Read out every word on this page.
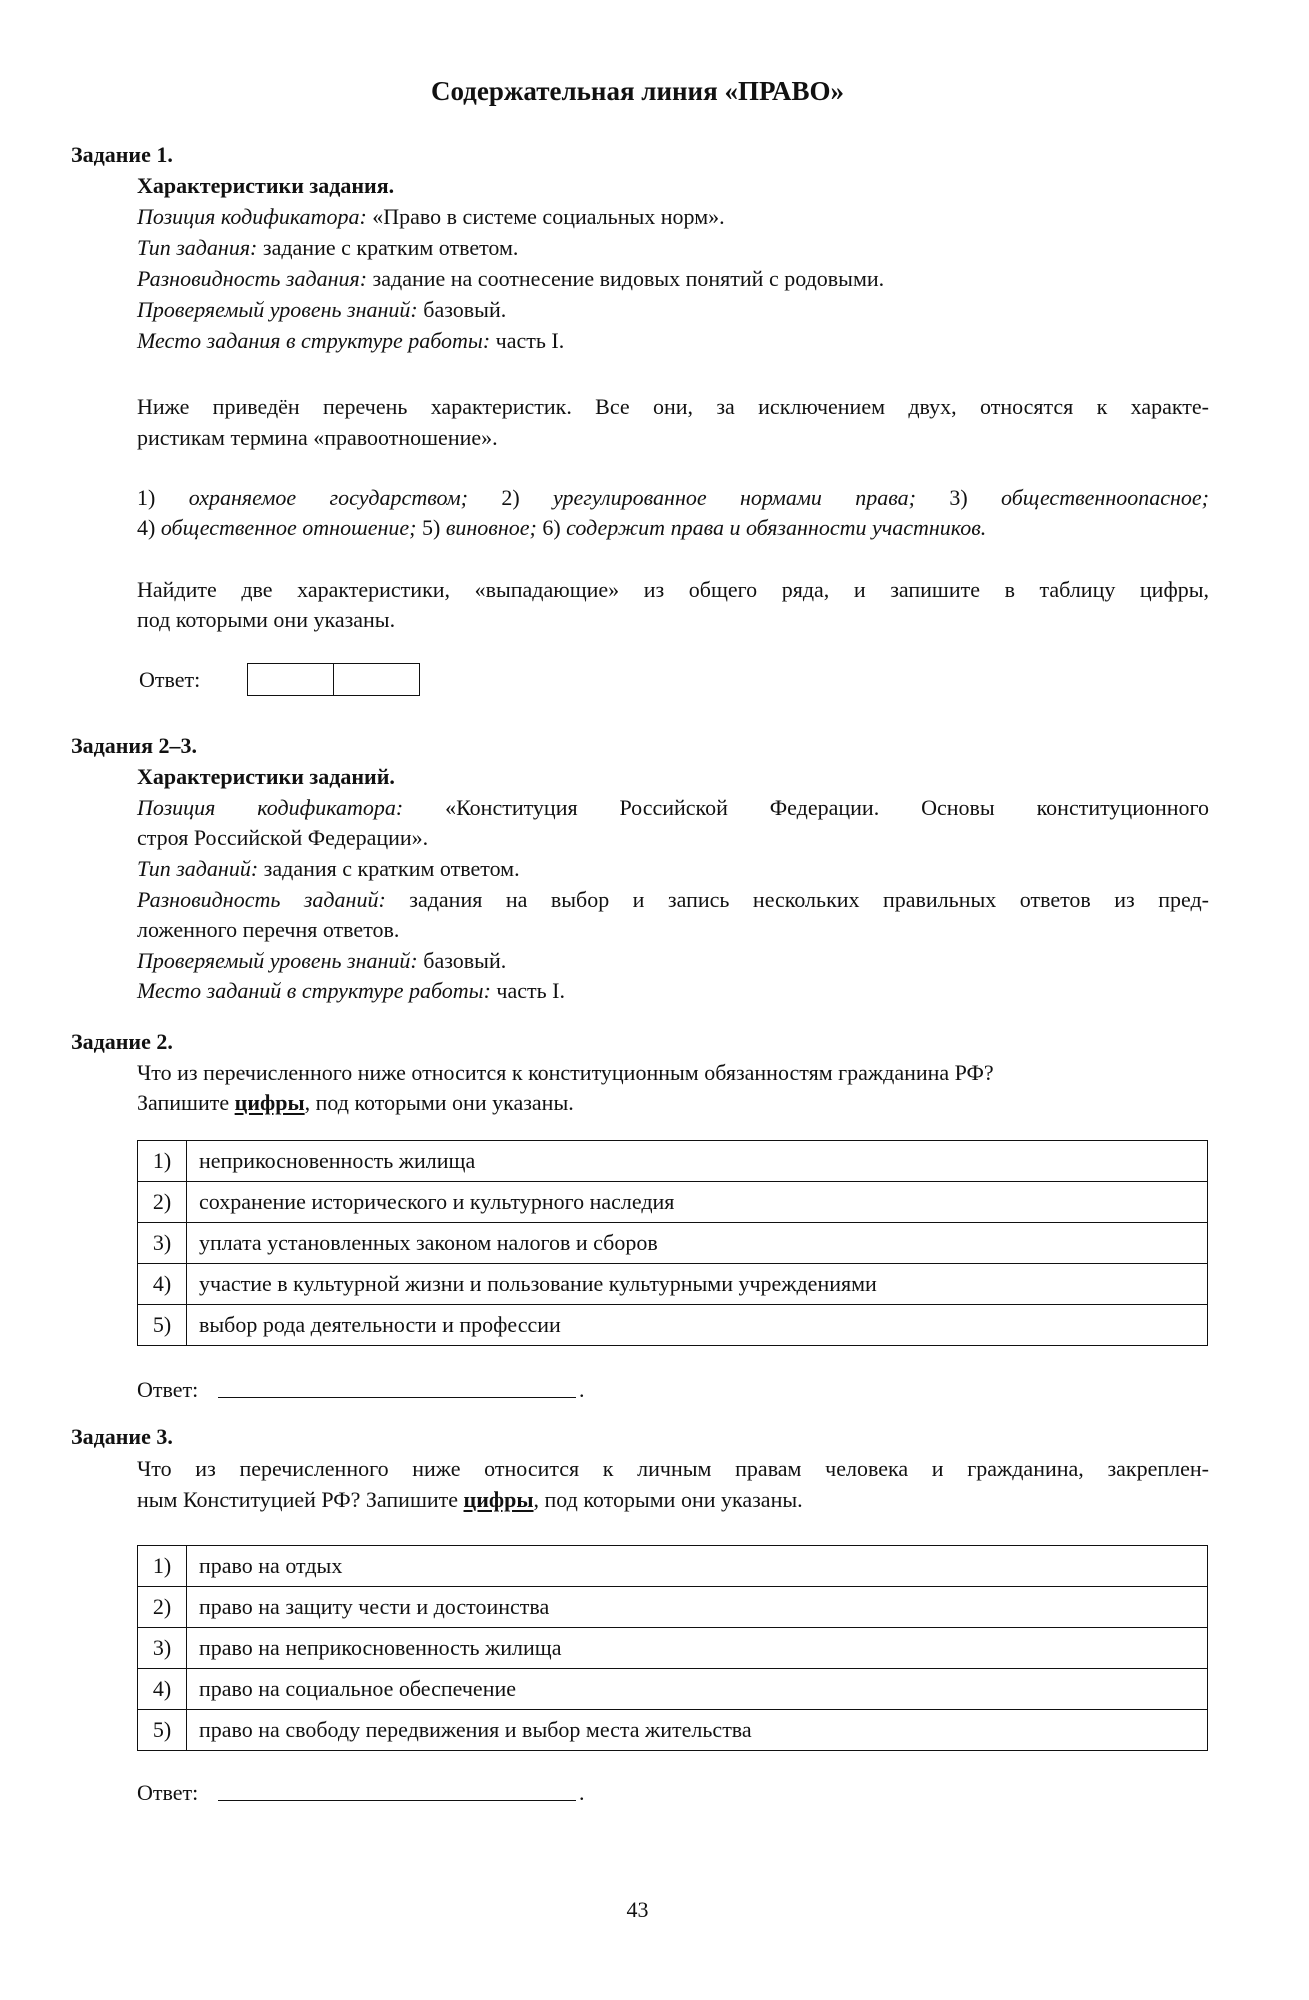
Содержательная линия «ПРАВО»
Задание 1.
Характеристики задания.
Позиция кодификатора: «Право в системе социальных норм».
Тип задания: задание с кратким ответом.
Разновидность задания: задание на соотнесение видовых понятий с родовыми.
Проверяемый уровень знаний: базовый.
Место задания в структуре работы: часть I.
Ниже приведён перечень характеристик. Все они, за исключением двух, относятся к характе-
ристикам термина «правоотношение».
1) охраняемое государством; 2) урегулированное нормами права; 3) общественноопасное;
4) общественное отношение; 5) виновное; 6) содержит права и обязанности участников.
Найдите две характеристики, «выпадающие» из общего ряда, и запишите в таблицу цифры,
под которыми они указаны.
Ответ:
Задания 2–3.
Характеристики заданий.
Позиция кодификатора: «Конституция Российской Федерации. Основы конституционного
строя Российской Федерации».
Тип заданий: задания с кратким ответом.
Разновидность заданий: задания на выбор и запись нескольких правильных ответов из пред-
ложенного перечня ответов.
Проверяемый уровень знаний: базовый.
Место заданий в структуре работы: часть I.
Задание 2.
Что из перечисленного ниже относится к конституционным обязанностям гражданина РФ?
Запишите цифры, под которыми они указаны.
1)	неприкосновенность жилища
2)	сохранение исторического и культурного наследия
3)	уплата установленных законом налогов и сборов
4)	участие в культурной жизни и пользование культурными учреждениями
5)	выбор рода деятельности и профессии
Ответ:	.
Задание 3.
Что из перечисленного ниже относится к личным правам человека и гражданина, закреплен-
ным Конституцией РФ? Запишите цифры, под которыми они указаны.
1)	право на отдых
2)	право на защиту чести и достоинства
3)	право на неприкосновенность жилища
4)	право на социальное обеспечение
5)	право на свободу передвижения и выбор места жительства
Ответ:	.
43
